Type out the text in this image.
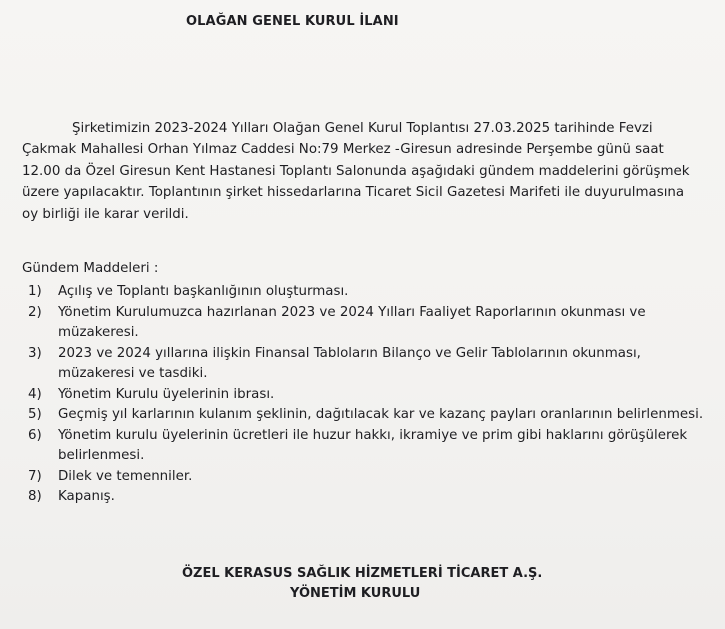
OLAĞAN GENEL KURUL İLANI
Şirketimizin 2023-2024 Yılları Olağan Genel Kurul Toplantısı 27.03.2025 tarihinde Fevzi
Çakmak Mahallesi Orhan Yılmaz Caddesi No:79 Merkez -Giresun adresinde Perşembe günü saat
12.00 da Özel Giresun Kent Hastanesi Toplantı Salonunda aşağıdaki gündem maddelerini görüşmek
üzere yapılacaktır. Toplantının şirket hissedarlarına Ticaret Sicil Gazetesi Marifeti ile duyurulmasına
oy birliği ile karar verildi.
Gündem Maddeleri :
1) Açılış ve Toplantı başkanlığının oluşturması.
2) Yönetim Kurulumuzca hazırlanan 2023 ve 2024 Yılları Faaliyet Raporlarının okunması ve
müzakeresi.
3) 2023 ve 2024 yıllarına ilişkin Finansal Tabloların Bilanço ve Gelir Tablolarının okunması,
müzakeresi ve tasdiki.
4) Yönetim Kurulu üyelerinin ibrası.
5) Geçmiş yıl karlarının kulanım şeklinin, dağıtılacak kar ve kazanç payları oranlarının belirlenmesi.
6) Yönetim kurulu üyelerinin ücretleri ile huzur hakkı, ikramiye ve prim gibi haklarını görüşülerek
belirlenmesi.
7) Dilek ve temenniler.
8) Kapanış.
ÖZEL KERASUS SAĞLIK HİZMETLERİ TİCARET A.Ş.
YÖNETİM KURULU
